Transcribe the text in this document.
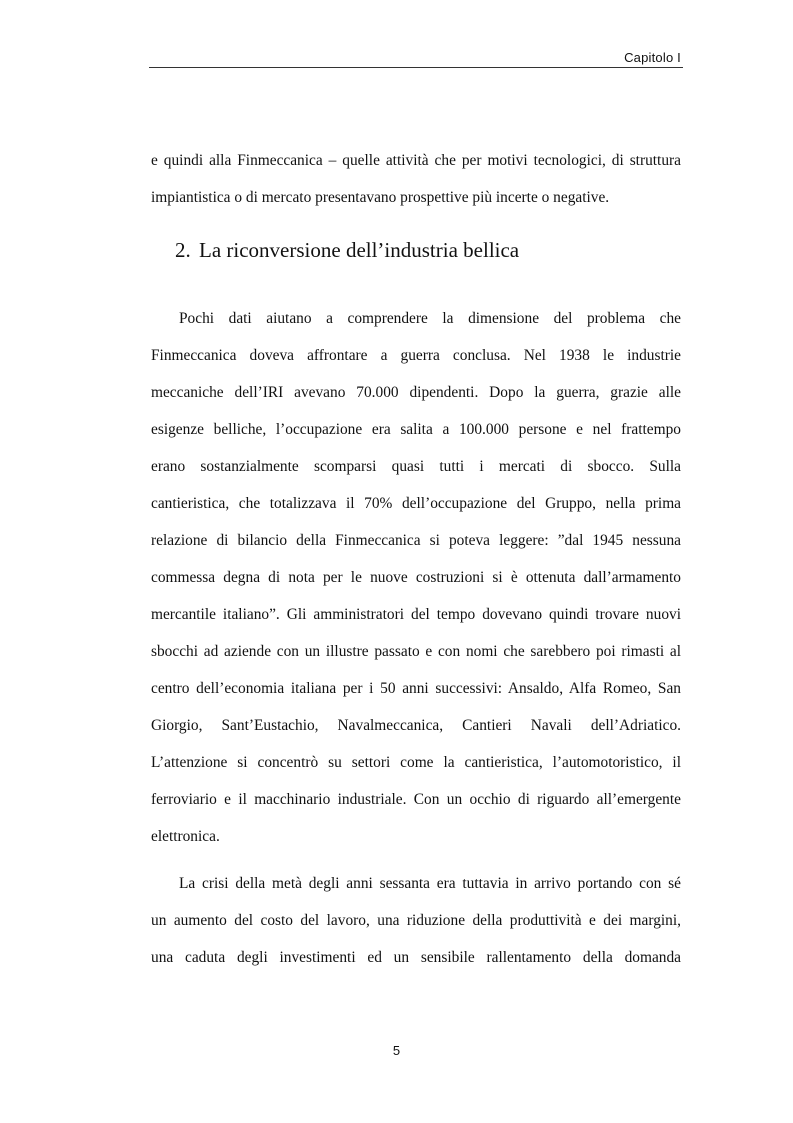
Capitolo I
e quindi alla Finmeccanica – quelle attività che per motivi tecnologici, di struttura
impiantistica o di mercato presentavano prospettive più incerte o negative.
2. La riconversione dell’industria bellica
Pochi dati aiutano a comprendere la dimensione del problema che
Finmeccanica doveva affrontare a guerra conclusa. Nel 1938 le industrie
meccaniche dell’IRI avevano 70.000 dipendenti. Dopo la guerra, grazie alle
esigenze belliche, l’occupazione era salita a 100.000 persone e nel frattempo
erano sostanzialmente scomparsi quasi tutti i mercati di sbocco. Sulla
cantieristica, che totalizzava il 70% dell’occupazione del Gruppo, nella prima
relazione di bilancio della Finmeccanica si poteva leggere: ”dal 1945 nessuna
commessa degna di nota per le nuove costruzioni si è ottenuta dall’armamento
mercantile italiano”. Gli amministratori del tempo dovevano quindi trovare nuovi
sbocchi ad aziende con un illustre passato e con nomi che sarebbero poi rimasti al
centro dell’economia italiana per i 50 anni successivi: Ansaldo, Alfa Romeo, San
Giorgio, Sant’Eustachio, Navalmeccanica, Cantieri Navali dell’Adriatico.
L’attenzione si concentrò su settori come la cantieristica, l’automotoristico, il
ferroviario e il macchinario industriale. Con un occhio di riguardo all’emergente
elettronica.
La crisi della metà degli anni sessanta era tuttavia in arrivo portando con sé
un aumento del costo del lavoro, una riduzione della produttività e dei margini,
una caduta degli investimenti ed un sensibile rallentamento della domanda
5
